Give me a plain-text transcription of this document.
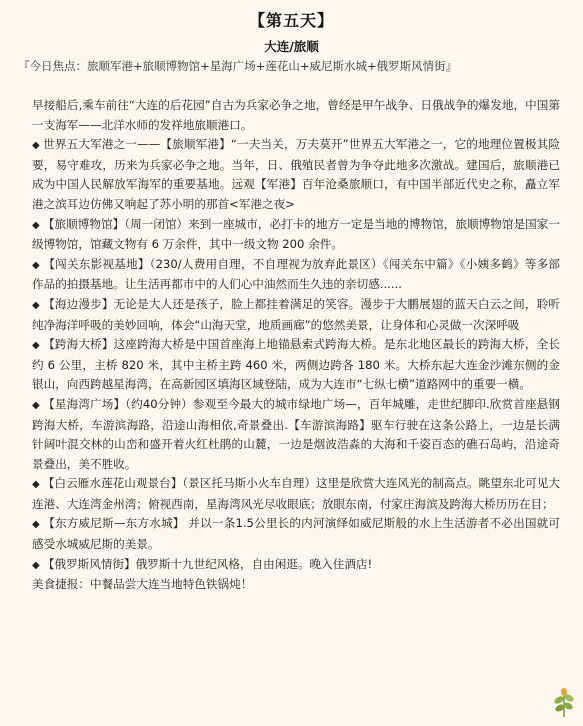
【第五天】
大连/旅顺
『今日焦点：旅顺军港+旅顺博物馆+星海广场+莲花山+威尼斯水城+俄罗斯风情街』

早接船后,乘车前往“大连的后花园”自古为兵家必争之地，曾经是甲午战争、日俄战争的爆发地，中国第一支海军——北洋水师的发祥地旅顺港口。

◆ 世界五大军港之一——【旅顺军港】“一夫当关，万夫莫开”世界五大军港之一，它的地理位置极其险要，易守难攻，历来为兵家必争之地。当年，日、俄殖民者曾为争夺此地多次激战。建国后，旅顺港已成为中国人民解放军海军的重要基地。远观【军港】百年沧桑旅顺口，有中国半部近代史之称，矗立军港之滨耳边仿佛又响起了苏小明的那首<军港之夜>

◆ 【旅顺博物馆】（周一闭馆）来到一座城市，必打卡的地方一定是当地的博物馆，旅顺博物馆是国家一级博物馆，馆藏文物有 6 万余件，其中一级文物 200 余件。

◆ 【闯关东影视基地】（230/人费用自理，不自理视为放弃此景区）《闯关东中篇》《小姨多鹤》等多部作品的拍摄基地。让生活再都市中的人们心中油然而生久违的亲切感......

◆ 【海边漫步】无论是大人还是孩子，脸上都挂着满足的笑容。漫步于大鹏展翅的蓝天白云之间，聆听纯净海洋呼吸的美妙回响，体会“山海天堂，地质画廊”的悠然美景，让身体和心灵做一次深呼吸

◆ 【跨海大桥】这座跨海大桥是中国首座海上地锚悬索式跨海大桥。是东北地区最长的跨海大桥，全长约 6 公里，主桥 820 米，其中主桥主跨 460 米，两侧边跨各 180 米。大桥东起大连金沙滩东侧的金银山，向西跨越星海湾，在高新园区填海区域登陆，成为大连市“七纵七横”道路网中的重要一横。

◆ 【星海湾广场】（约40分钟）参观至今最大的城市绿地广场—，百年城雕，走世纪脚印.欣赏首座悬钢跨海大桥，车游滨海路，沿途山海相依,奇景叠出.【车游滨海路】驱车行驶在这条公路上，一边是长满针阔叶混交林的山峦和盛开着火红杜鹃的山麓，一边是烟波浩淼的大海和千姿百态的礁石岛屿，沿途奇景叠出，美不胜收。

◆ 【白云雁水莲花山观景台】（景区托马斯小火车自理）这里是欣赏大连风光的制高点。眺望东北可见大连港、大连湾金州湾；俯视西南，星海湾风光尽收眼底；放眼东南，付家庄海滨及跨海大桥历历在目；

◆ 【东方威尼斯—东方水城】 并以一条1.5公里长的内河演绎如威尼斯般的水上生活游者不必出国就可感受水城威尼斯的美景。

◆ 【俄罗斯风情街】俄罗斯十九世纪风格，自由闲逛。晚入住酒店!

美食捷报：中餐品尝大连当地特色铁锅炖！
